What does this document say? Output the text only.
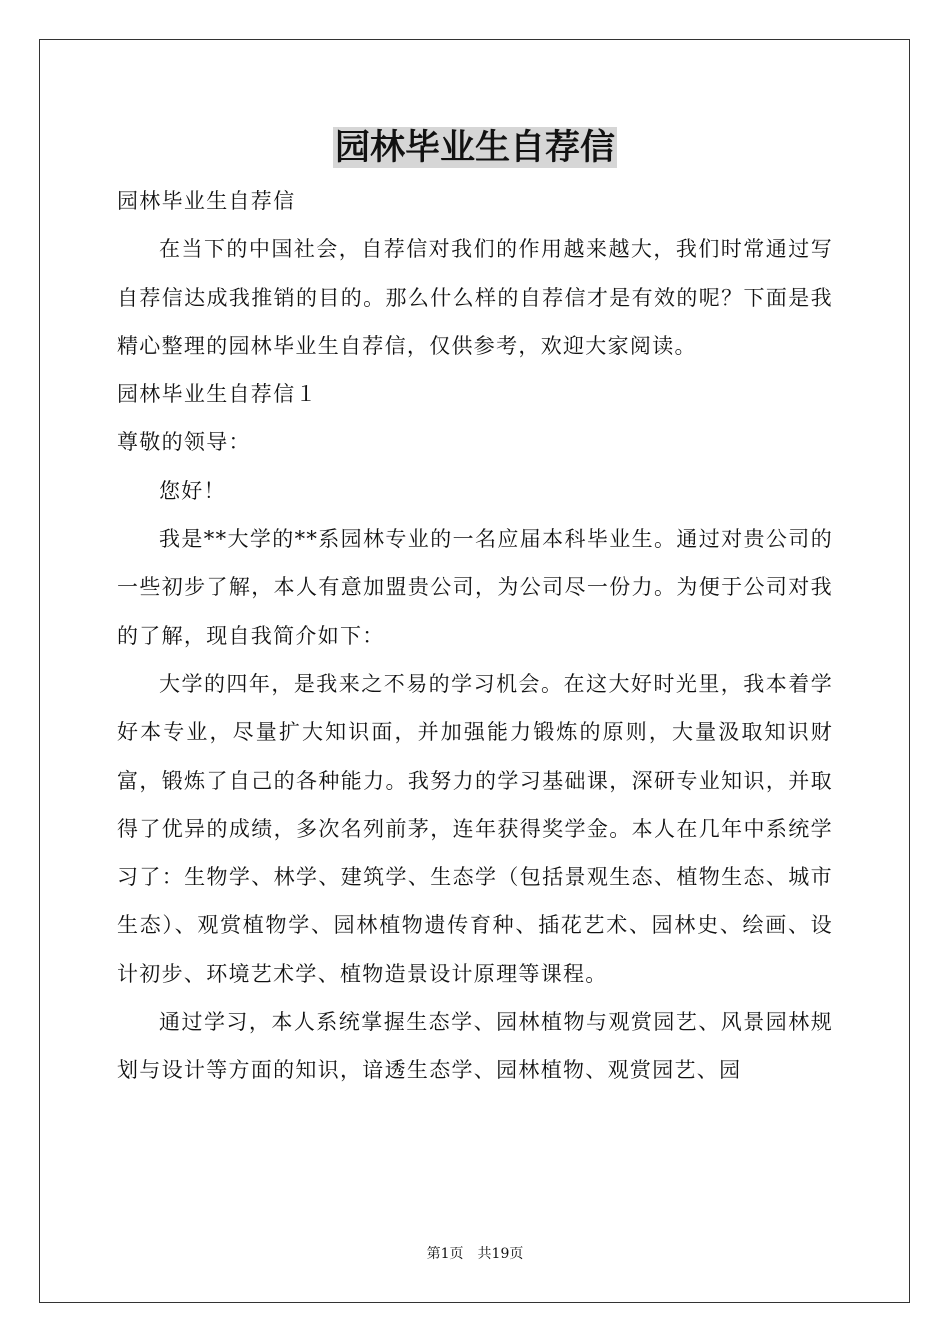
园林毕业生自荐信

园林毕业生自荐信

在当下的中国社会，自荐信对我们的作用越来越大，我们时常通过写自荐信达成我推销的目的。那么什么样的自荐信才是有效的呢？下面是我精心整理的园林毕业生自荐信，仅供参考，欢迎大家阅读。

园林毕业生自荐信１

尊敬的领导：

您好！

我是**大学的**系园林专业的一名应届本科毕业生。通过对贵公司的一些初步了解，本人有意加盟贵公司，为公司尽一份力。为便于公司对我的了解，现自我简介如下：

大学的四年，是我来之不易的学习机会。在这大好时光里，我本着学好本专业，尽量扩大知识面，并加强能力锻炼的原则，大量汲取知识财富，锻炼了自己的各种能力。我努力的学习基础课，深研专业知识，并取得了优异的成绩，多次名列前茅，连年获得奖学金。本人在几年中系统学习了：生物学、林学、建筑学、生态学（包括景观生态、植物生态、城市生态）、观赏植物学、园林植物遗传育种、插花艺术、园林史、绘画、设计初步、环境艺术学、植物造景设计原理等课程。

通过学习，本人系统掌握生态学、园林植物与观赏园艺、风景园林规划与设计等方面的知识，谙透生态学、园林植物、观赏园艺、园

第1页 共19页
